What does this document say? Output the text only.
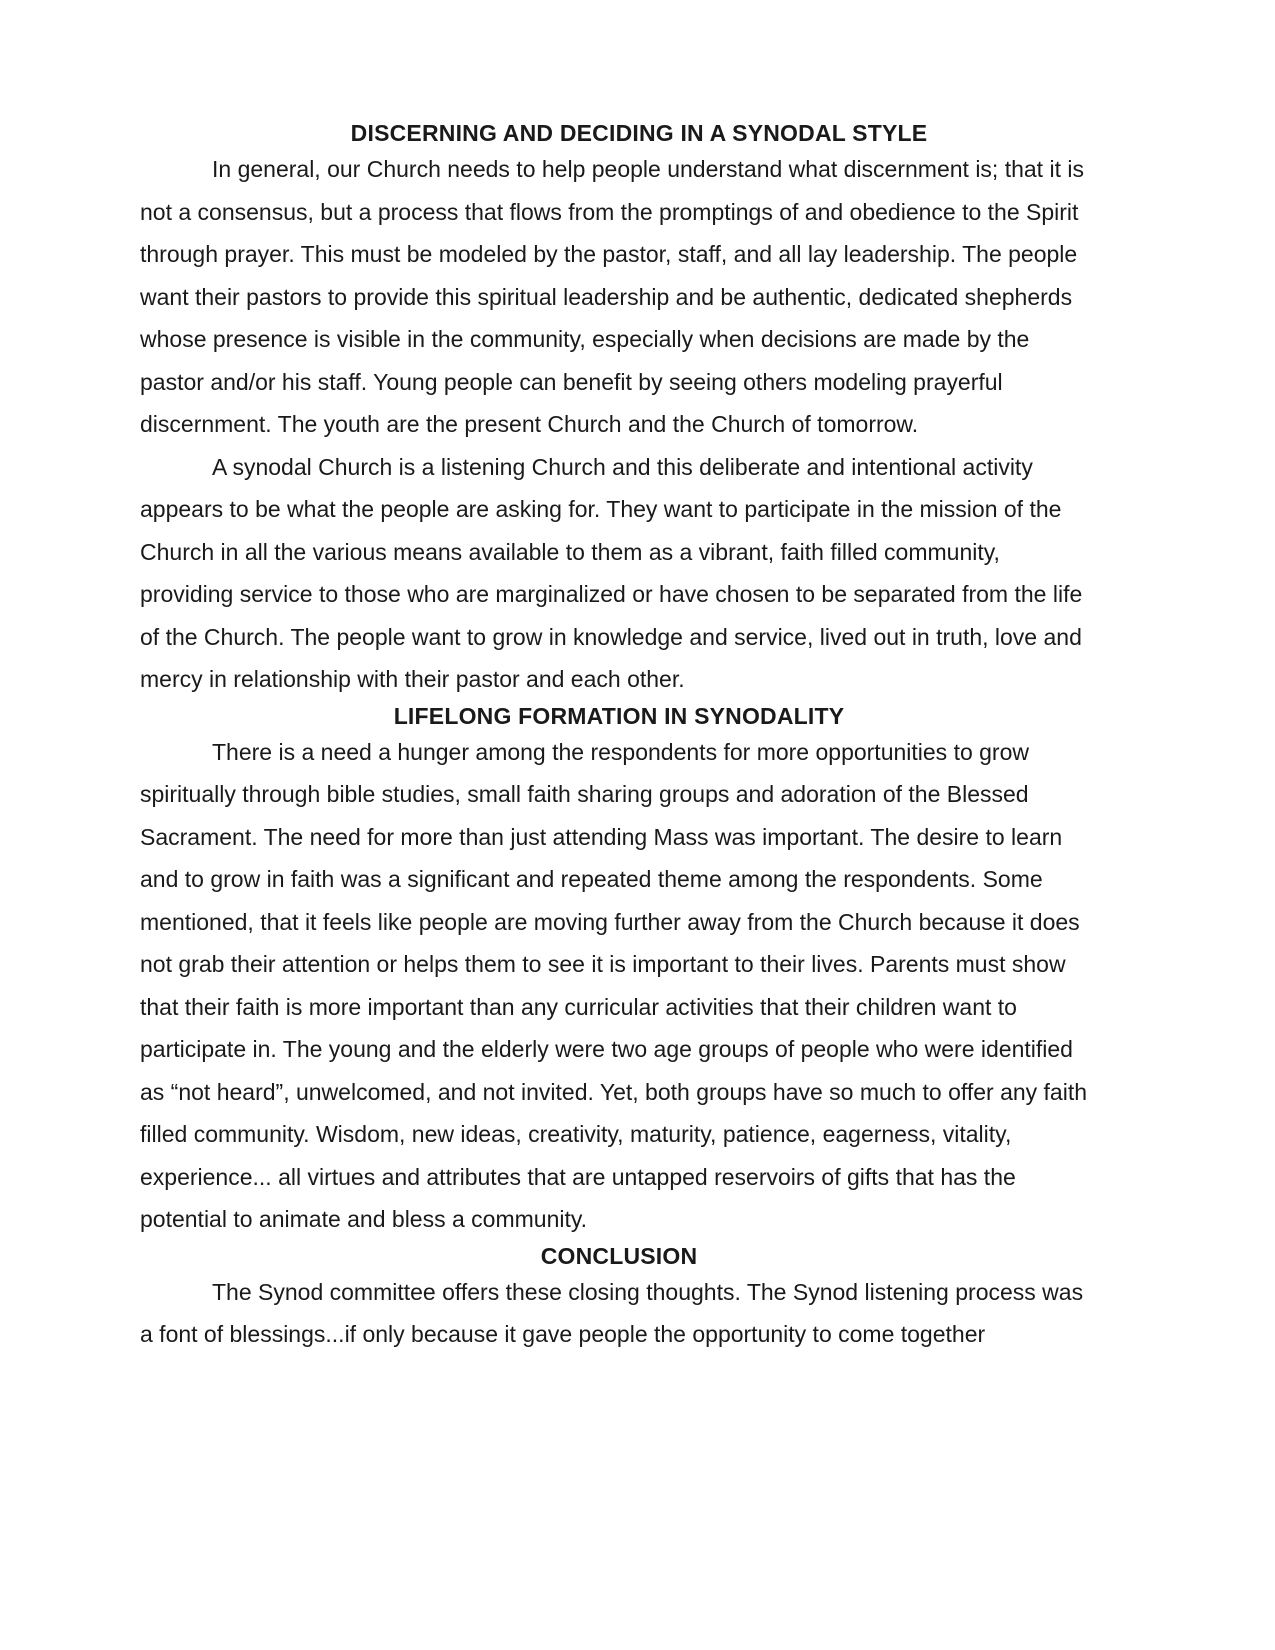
DISCERNING AND DECIDING IN A SYNODAL STYLE

In general, our Church needs to help people understand what discernment is; that it is not a consensus, but a process that flows from the promptings of and obedience to the Spirit through prayer. This must be modeled by the pastor, staff, and all lay leadership. The people want their pastors to provide this spiritual leadership and be authentic, dedicated shepherds whose presence is visible in the community, especially when decisions are made by the pastor and/or his staff. Young people can benefit by seeing others modeling prayerful discernment. The youth are the present Church and the Church of tomorrow.

A synodal Church is a listening Church and this deliberate and intentional activity appears to be what the people are asking for. They want to participate in the mission of the Church in all the various means available to them as a vibrant, faith filled community, providing service to those who are marginalized or have chosen to be separated from the life of the Church. The people want to grow in knowledge and service, lived out in truth, love and mercy in relationship with their pastor and each other.

LIFELONG FORMATION IN SYNODALITY

There is a need a hunger among the respondents for more opportunities to grow spiritually through bible studies, small faith sharing groups and adoration of the Blessed Sacrament. The need for more than just attending Mass was important. The desire to learn and to grow in faith was a significant and repeated theme among the respondents. Some mentioned, that it feels like people are moving further away from the Church because it does not grab their attention or helps them to see it is important to their lives. Parents must show that their faith is more important than any curricular activities that their children want to participate in. The young and the elderly were two age groups of people who were identified as “not heard”, unwelcomed, and not invited. Yet, both groups have so much to offer any faith filled community. Wisdom, new ideas, creativity, maturity, patience, eagerness, vitality, experience... all virtues and attributes that are untapped reservoirs of gifts that has the potential to animate and bless a community.

CONCLUSION

The Synod committee offers these closing thoughts. The Synod listening process was a font of blessings...if only because it gave people the opportunity to come together
